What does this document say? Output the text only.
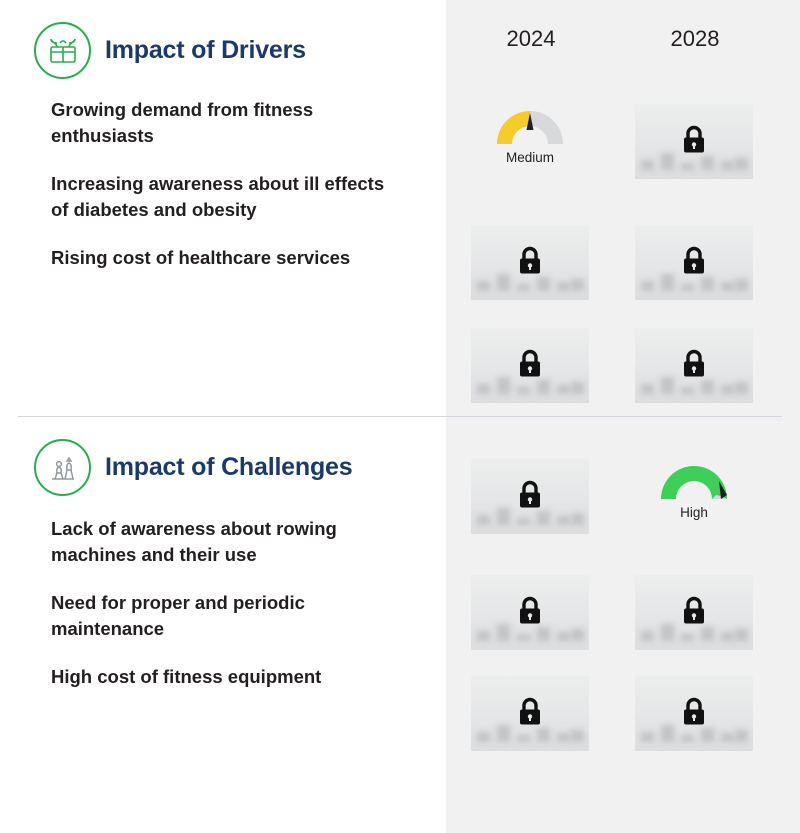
Impact of Drivers
Growing demand from fitness enthusiasts
Increasing awareness about ill effects of diabetes and obesity
Rising cost of healthcare services
Impact of Challenges
Lack of awareness about rowing machines and their use
Need for proper and periodic maintenance
High cost of fitness equipment
2024	2028
Medium
High
